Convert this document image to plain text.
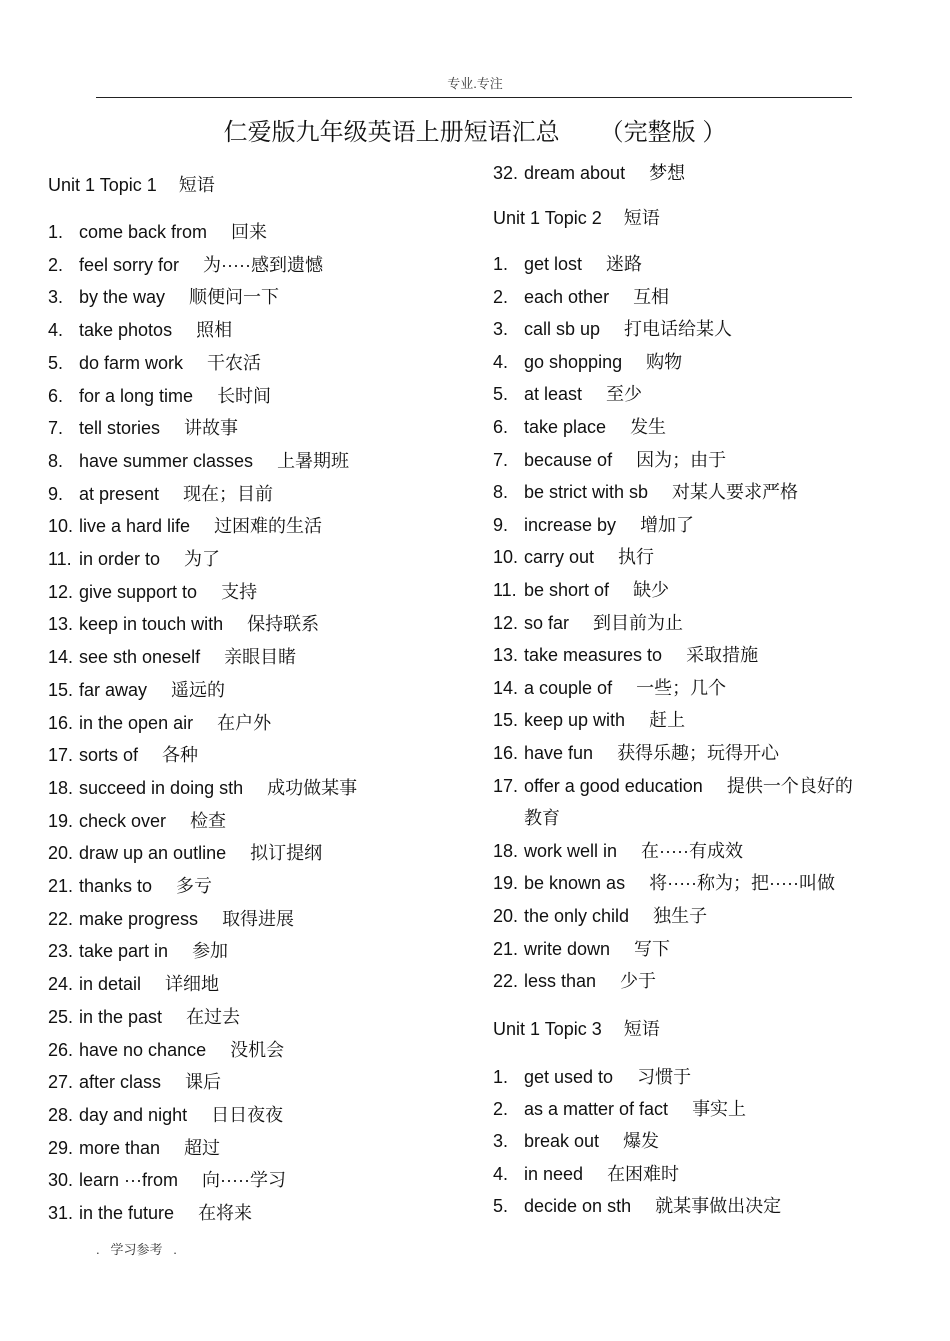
专业.专注
仁爱版九年级英语上册短语汇总      （完整版 ）
Unit 1 Topic 1 短语
1. come back from 回来
2. feel sorry for 为·····感到遗憾
3. by the way 顺便问一下
4. take photos 照相
5. do farm work 干农活
6. for a long time 长时间
7. tell stories 讲故事
8. have summer classes 上暑期班
9. at present 现在；目前
10. live a hard life 过困难的生活
11. in order to 为了
12. give support to 支持
13. keep in touch with 保持联系
14. see sth oneself 亲眼目睹
15. far away 遥远的
16. in the open air 在户外
17. sorts of 各种
18. succeed in doing sth 成功做某事
19. check over 检查
20. draw up an outline 拟订提纲
21. thanks to 多亏
22. make progress 取得进展
23. take part in 参加
24. in detail 详细地
25. in the past 在过去
26. have no chance 没机会
27. after class 课后
28. day and night 日日夜夜
29. more than 超过
30. learn ···from 向·····学习
31. in the future 在将来
32. dream about 梦想
Unit 1 Topic 2 短语
Unit 1 Topic 3 短语
1. get lost 迷路
2. each other 互相
3. call sb up 打电话给某人
4. go shopping 购物
5. at least 至少
6. take place 发生
7. because of 因为；由于
8. be strict with sb 对某人要求严格
9. increase by 增加了
10. carry out 执行
11. be short of 缺少
12. so far 到目前为止
13. take measures to 采取措施
14. a couple of 一些；几个
15. keep up with 赶上
16. have fun 获得乐趣；玩得开心
17. offer a good education 提供一个良好的
教育
18. work well in 在·····有成效
19. be known as 将·····称为；把·····叫做
20. the only child 独生子
21. write down 写下
22. less than 少于
1. get used to 习惯于
2. as a matter of fact 事实上
3. break out 爆发
4. in need 在困难时
5. decide on sth 就某事做出决定
.   学习参考   .
